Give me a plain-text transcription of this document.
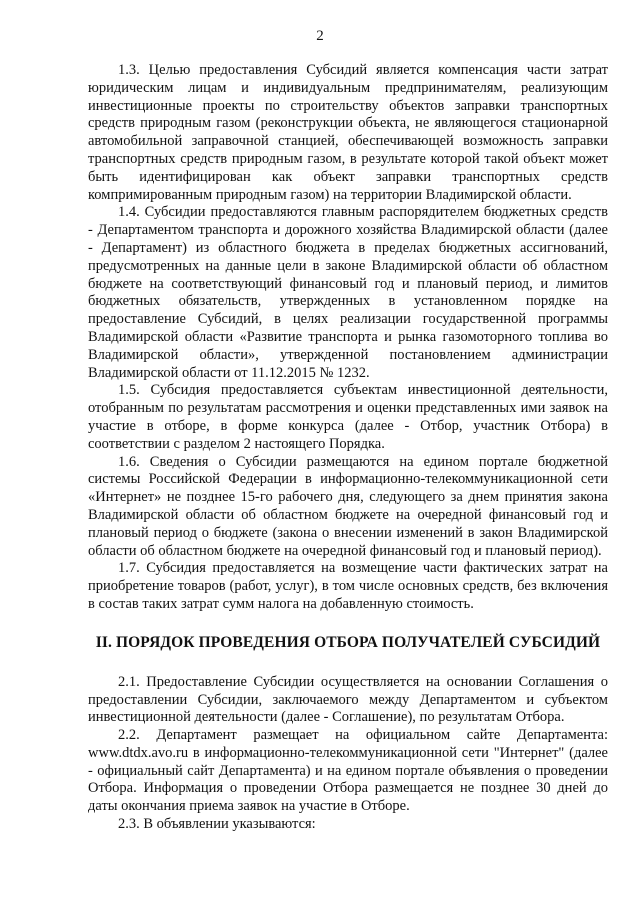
2

1.3. Целью предоставления Субсидий является компенсация части затрат юридическим лицам и индивидуальным предпринимателям, реализующим инвестиционные проекты по строительству объектов заправки транспортных средств природным газом (реконструкции объекта, не являющегося стационарной автомобильной заправочной станцией, обеспечивающей возможность заправки транспортных средств природным газом, в результате которой такой объект может быть идентифицирован как объект заправки транспортных средств компримированным природным газом) на территории Владимирской области.

1.4. Субсидии предоставляются главным распорядителем бюджетных средств - Департаментом транспорта и дорожного хозяйства Владимирской области (далее - Департамент) из областного бюджета в пределах бюджетных ассигнований, предусмотренных на данные цели в законе Владимирской области об областном бюджете на соответствующий финансовый год и плановый период, и лимитов бюджетных обязательств, утвержденных в установленном порядке на предоставление Субсидий, в целях реализации государственной программы Владимирской области «Развитие транспорта и рынка газомоторного топлива во Владимирской области», утвержденной постановлением администрации Владимирской области от 11.12.2015 № 1232.

1.5. Субсидия предоставляется субъектам инвестиционной деятельности, отобранным по результатам рассмотрения и оценки представленных ими заявок на участие в отборе, в форме конкурса (далее - Отбор, участник Отбора) в соответствии с разделом 2 настоящего Порядка.

1.6. Сведения о Субсидии размещаются на едином портале бюджетной системы Российской Федерации в информационно-телекоммуникационной сети «Интернет» не позднее 15-го рабочего дня, следующего за днем принятия закона Владимирской области об областном бюджете на очередной финансовый год и плановый период о бюджете (закона о внесении изменений в закон Владимирской области об областном бюджете на очередной финансовый год и плановый период).

1.7. Субсидия предоставляется на возмещение части фактических затрат на приобретение товаров (работ, услуг), в том числе основных средств, без включения в состав таких затрат сумм налога на добавленную стоимость.

II. ПОРЯДОК ПРОВЕДЕНИЯ ОТБОРА ПОЛУЧАТЕЛЕЙ СУБСИДИЙ

2.1. Предоставление Субсидии осуществляется на основании Соглашения о предоставлении Субсидии, заключаемого между Департаментом и субъектом инвестиционной деятельности (далее - Соглашение), по результатам Отбора.

2.2. Департамент размещает на официальном сайте Департамента: www.dtdx.avo.ru в информационно-телекоммуникационной сети "Интернет" (далее - официальный сайт Департамента) и на едином портале объявления о проведении Отбора. Информация о проведении Отбора размещается не позднее 30 дней до даты окончания приема заявок на участие в Отборе.

2.3. В объявлении указываются:
